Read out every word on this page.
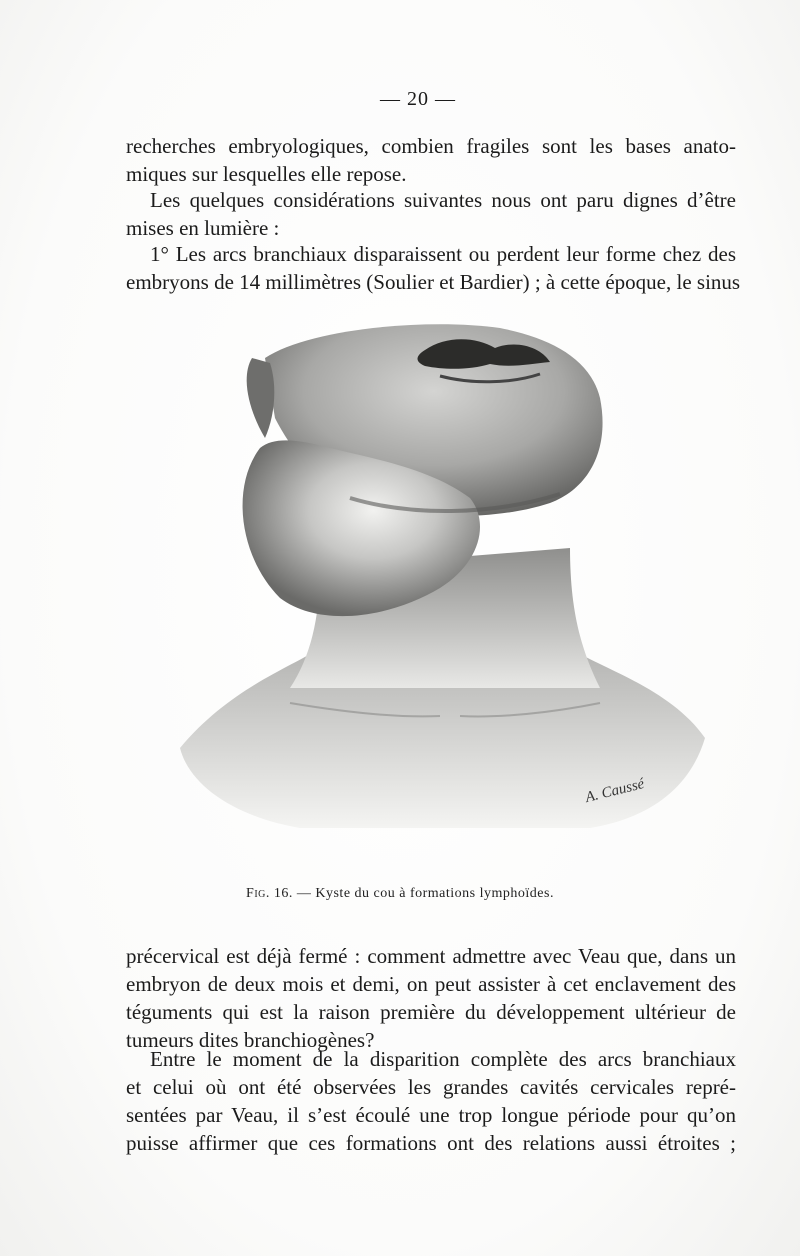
— 20 —

recherches embryologiques, combien fragiles sont les bases anato-
miques sur lesquelles elle repose.

Les quelques considérations suivantes nous ont paru dignes d’être
mises en lumière :

1° Les arcs branchiaux disparaissent ou perdent leur forme chez des
embryons de 14 millimètres (Soulier et Bardier) ; à cette époque, le sinus

A. Caussé
Fig. 16. — Kyste du cou à formations lymphoïdes.

précervical est déjà fermé : comment admettre avec Veau que, dans un
embryon de deux mois et demi, on peut assister à cet enclavement des
téguments qui est la raison première du développement ultérieur de
tumeurs dites branchiogènes?

Entre le moment de la disparition complète des arcs branchiaux
et celui où ont été observées les grandes cavités cervicales repré-
sentées par Veau, il s’est écoulé une trop longue période pour qu’on
puisse affirmer que ces formations ont des relations aussi étroites ;
